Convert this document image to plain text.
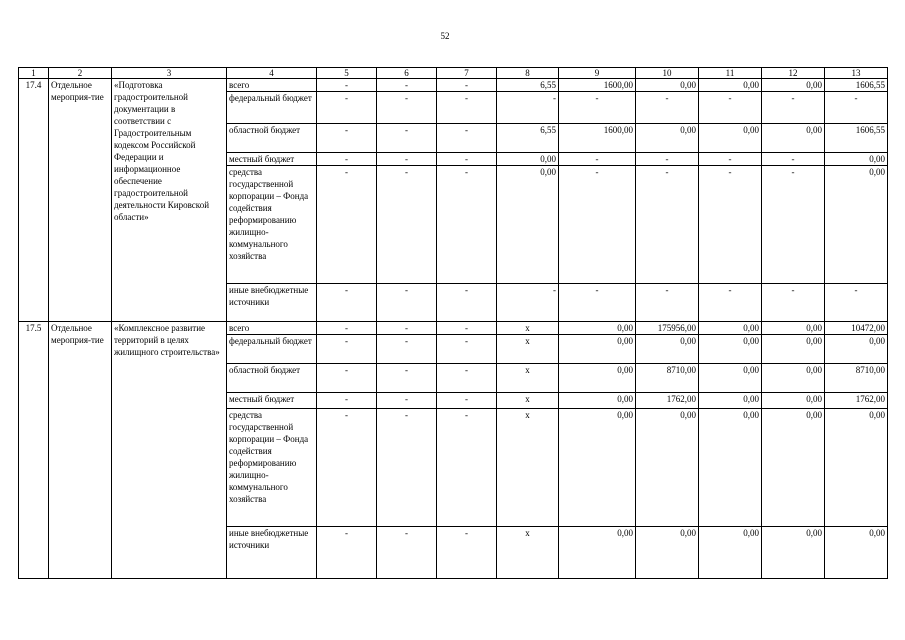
52
1	2	3	4	5	6	7	8	9	10	11	12	13
17.4	Отдельное мероприя-тие	«Подготовка градостроительной документации в соответствии с Градостроительным кодексом Российской Федерации и информационное обеспечение градостроительной деятельности Кировской области»	всего	-	-	-	6,55	1600,00	0,00	0,00	0,00	1606,55
			федеральный бюджет	-	-	-	-	-	-	-	-	-
			областной бюджет	-	-	-	6,55	1600,00	0,00	0,00	0,00	1606,55
			местный бюджет	-	-	-	0,00	-	-	-	-	0,00
			средства государственной корпорации – Фонда содействия реформированию жилищно-коммунального хозяйства	-	-	-	0,00	-	-	-	-	0,00
			иные внебюджетные источники	-	-	-	-	-	-	-	-	-
17.5	Отдельное мероприя-тие	«Комплексное развитие территорий в целях жилищного строительства»	всего	-	-	-	x	0,00	175956,00	0,00	0,00	10472,00
			федеральный бюджет	-	-	-	x	0,00	0,00	0,00	0,00	0,00
			областной бюджет	-	-	-	x	0,00	8710,00	0,00	0,00	8710,00
			местный бюджет	-	-	-	x	0,00	1762,00	0,00	0,00	1762,00
			средства государственной корпорации – Фонда содействия реформированию жилищно-коммунального хозяйства	-	-	-	x	0,00	0,00	0,00	0,00	0,00
			иные внебюджетные источники	-	-	-	x	0,00	0,00	0,00	0,00	0,00
